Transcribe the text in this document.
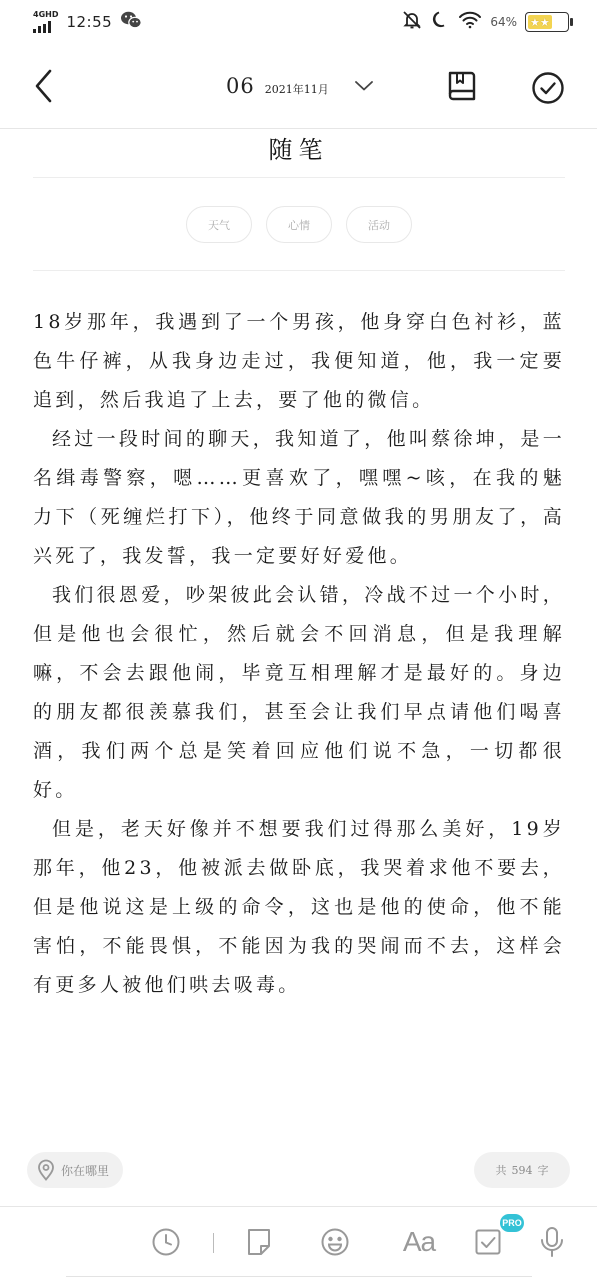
4GHD 12:55	64% ★★
06 2021年11月
随笔
天气	心情	活动

18岁那年，我遇到了一个男孩，他身穿白色衬衫，蓝色牛仔裤，从我身边走过，我便知道，他，我一定要追到，然后我追了上去，要了他的微信。

经过一段时间的聊天，我知道了，他叫蔡徐坤，是一名缉毒警察，嗯……更喜欢了，嘿嘿~咳，在我的魅力下（死缠烂打下），他终于同意做我的男朋友了，高兴死了，我发誓，我一定要好好爱他。

我们很恩爱，吵架彼此会认错，冷战不过一个小时，但是他也会很忙，然后就会不回消息，但是我理解嘛，不会去跟他闹，毕竟互相理解才是最好的。身边的朋友都很羡慕我们，甚至会让我们早点请他们喝喜酒，我们两个总是笑着回应他们说不急，一切都很好。

但是，老天好像并不想要我们过得那么美好，19岁那年，他23，他被派去做卧底，我哭着求他不要去，但是他说这是上级的命令，这也是他的使命，他不能害怕，不能畏惧，不能因为我的哭闹而不去，这样会有更多人被他们哄去吸毒。

你在哪里	共 594 字
Aa
PRO
